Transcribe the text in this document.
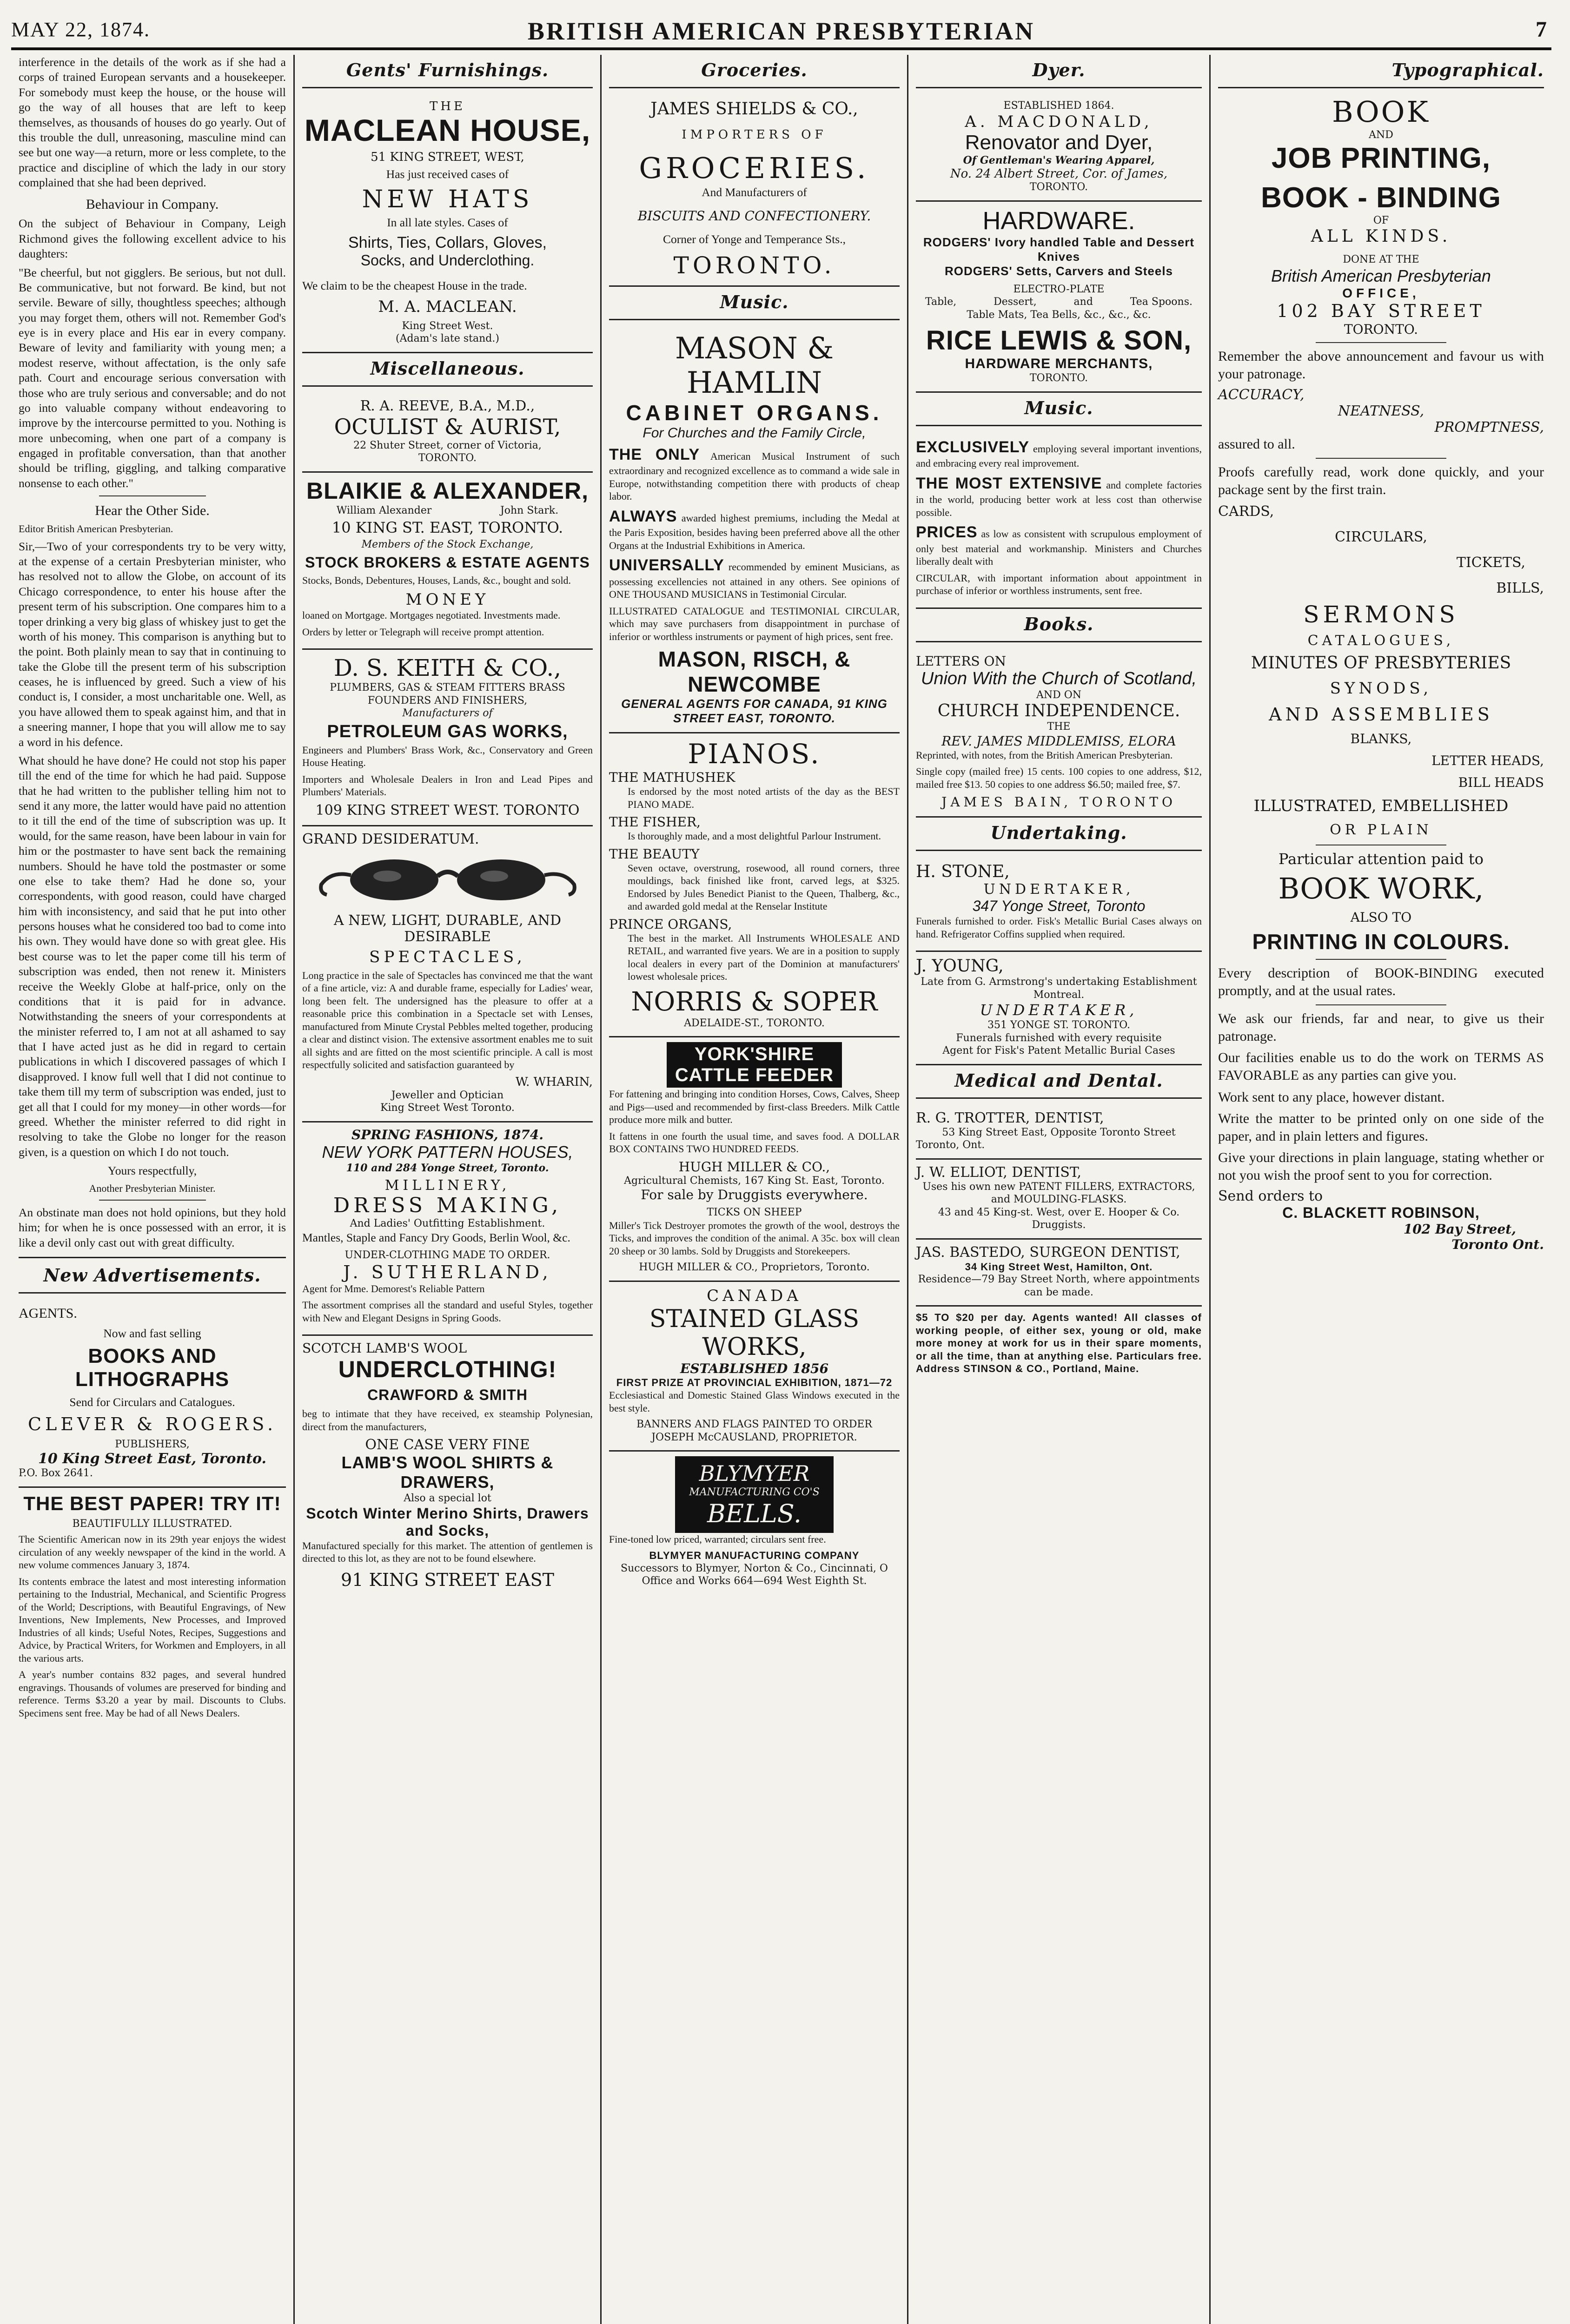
MAY 22, 1874.	BRITISH AMERICAN PRESBYTERIAN	7

interference in the details of the work as if she had a corps of trained European servants and a housekeeper. For somebody must keep the house, or the house will go the way of all houses that are left to keep themselves, as thousands of houses do go yearly. Out of this trouble the dull, unreasoning, masculine mind can see but one way—a return, more or less complete, to the practice and discipline of which the lady in our story complained that she had been deprived.

Behaviour in Company.

On the subject of Behaviour in Company, Leigh Richmond gives the following excellent advice to his daughters:

"Be cheerful, but not gigglers. Be serious, but not dull. Be communicative, but not forward. Be kind, but not servile. Beware of silly, thoughtless speeches; although you may forget them, others will not. Remember God's eye is in every place and His ear in every company. Beware of levity and familiarity with young men; a modest reserve, without affectation, is the only safe path. Court and encourage serious conversation with those who are truly serious and conversable; and do not go into valuable company without endeavoring to improve by the intercourse permitted to you. Nothing is more unbecoming, when one part of a company is engaged in profitable conversation, than that another should be trifling, giggling, and talking comparative nonsense to each other."

Hear the Other Side.

Editor British American Presbyterian.

Sir,—Two of your correspondents try to be very witty, at the expense of a certain Presbyterian minister, who has resolved not to allow the Globe, on account of its Chicago correspondence, to enter his house after the present term of his subscription. One compares him to a toper drinking a very big glass of whiskey just to get the worth of his money. This comparison is anything but to the point. Both plainly mean to say that in continuing to take the Globe till the present term of his subscription ceases, he is influenced by greed. Such a view of his conduct is, I consider, a most uncharitable one. Well, as you have allowed them to speak against him, and that in a sneering manner, I hope that you will allow me to say a word in his defence.

What should he have done? He could not stop his paper till the end of the time for which he had paid. Suppose that he had written to the publisher telling him not to send it any more, the latter would have paid no attention to it till the end of the time of subscription was up. It would, for the same reason, have been labour in vain for him or the postmaster to have sent back the remaining numbers. Should he have told the postmaster or some one else to take them? Had he done so, your correspondents, with good reason, could have charged him with inconsistency, and said that he put into other persons houses what he considered too bad to come into his own. They would have done so with great glee. His best course was to let the paper come till his term of subscription was ended, then not renew it. Ministers receive the Weekly Globe at half-price, only on the conditions that it is paid for in advance. Notwithstanding the sneers of your correspondents at the minister referred to, I am not at all ashamed to say that I have acted just as he did in regard to certain publications in which I discovered passages of which I disapproved. I know full well that I did not continue to take them till my term of subscription was ended, just to get all that I could for my money—in other words—for greed. Whether the minister referred to did right in resolving to take the Globe no longer for the reason given, is a question on which I do not touch.

Yours respectfully,

Another Presbyterian Minister.

An obstinate man does not hold opinions, but they hold him; for when he is once possessed with an error, it is like a devil only cast out with great difficulty.

New Advertisements.

AGENTS.

Now and fast selling

BOOKS AND LITHOGRAPHS

Send for Circulars and Catalogues.

CLEVER & ROGERS.

PUBLISHERS,

10 King Street East, Toronto.

P.O. Box 2641.

THE BEST PAPER! TRY IT!

BEAUTIFULLY ILLUSTRATED.

The Scientific American now in its 29th year enjoys the widest circulation of any weekly newspaper of the kind in the world. A new volume commences January 3, 1874.

Its contents embrace the latest and most interesting information pertaining to the Industrial, Mechanical, and Scientific Progress of the World; Descriptions, with Beautiful Engravings, of New Inventions, New Implements, New Processes, and Improved Industries of all kinds; Useful Notes, Recipes, Suggestions and Advice, by Practical Writers, for Workmen and Employers, in all the various arts.

A year's number contains 832 pages, and several hundred engravings. Thousands of volumes are preserved for binding and reference. Terms $3.20 a year by mail. Discounts to Clubs. Specimens sent free. May be had of all News Dealers.

Gents' Furnishings.

THE

MACLEAN HOUSE,

51 KING STREET, WEST,

Has just received cases of

NEW HATS

In all late styles. Cases of

Shirts, Ties, Collars, Gloves,

Socks, and Underclothing.

We claim to be the cheapest House in the trade.

M. A. MACLEAN.

King Street West.

(Adam's late stand.)

Miscellaneous.

R. A. REEVE, B.A., M.D.,

OCULIST & AURIST,

22 Shuter Street, corner of Victoria,

TORONTO.

BLAIKIE & ALEXANDER,

William Alexander	John Stark.

10 KING ST. EAST, TORONTO.

Members of the Stock Exchange,

STOCK BROKERS & ESTATE AGENTS

Stocks, Bonds, Debentures, Houses, Lands, &c., bought and sold.

MONEY

loaned on Mortgage. Mortgages negotiated. Investments made.

Orders by letter or Telegraph will receive prompt attention.

D. S. KEITH & CO.,

PLUMBERS, GAS & STEAM FITTERS BRASS

FOUNDERS AND FINISHERS,

Manufacturers of

PETROLEUM GAS WORKS,

Engineers and Plumbers' Brass Work, &c., Conservatory and Green House Heating.

Importers and Wholesale Dealers in Iron and Lead Pipes and Plumbers' Materials.

109 KING STREET WEST. TORONTO

GRAND DESIDERATUM.

A NEW, LIGHT, DURABLE, AND DESIRABLE

SPECTACLES,

Long practice in the sale of Spectacles has convinced me that the want of a fine article, viz: A and durable frame, especially for Ladies' wear, long been felt. The undersigned has the pleasure to offer at a reasonable price this combination in a Spectacle set with Lenses, manufactured from Minute Crystal Pebbles melted together, producing a clear and distinct vision. The extensive assortment enables me to suit all sights and are fitted on the most scientific principle. A call is most respectfully solicited and satisfaction guaranteed by

W. WHARIN,

Jeweller and Optician

King Street West Toronto.

SPRING FASHIONS, 1874.

NEW YORK PATTERN HOUSES,

110 and 284 Yonge Street, Toronto.

MILLINERY,

DRESS MAKING,

And Ladies' Outfitting Establishment.

Mantles, Staple and Fancy Dry Goods, Berlin Wool, &c.

UNDER-CLOTHING MADE TO ORDER.

J. SUTHERLAND,

Agent for Mme. Demorest's Reliable Pattern

The assortment comprises all the standard and useful Styles, together with New and Elegant Designs in Spring Goods.

SCOTCH LAMB'S WOOL

UNDERCLOTHING!

CRAWFORD & SMITH

beg to intimate that they have received, ex steamship Polynesian, direct from the manufacturers,

ONE CASE VERY FINE

LAMB'S WOOL SHIRTS & DRAWERS,

Also a special lot

Scotch Winter Merino Shirts, Drawers and Socks,

Manufactured specially for this market. The attention of gentlemen is directed to this lot, as they are not to be found elsewhere.

91 KING STREET EAST

Groceries.

JAMES SHIELDS & CO.,

IMPORTERS OF

GROCERIES.

And Manufacturers of

BISCUITS AND CONFECTIONERY.

Corner of Yonge and Temperance Sts.,

TORONTO.

Music.

MASON & HAMLIN

CABINET ORGANS.

For Churches and the Family Circle,

THE ONLY American Musical Instrument of such extraordinary and recognized excellence as to command a wide sale in Europe, notwithstanding competition there with products of cheap labor.

ALWAYS awarded highest premiums, including the Medal at the Paris Exposition, besides having been preferred above all the other Organs at the Industrial Exhibitions in America.

UNIVERSALLY recommended by eminent Musicians, as possessing excellencies not attained in any others. See opinions of ONE THOUSAND MUSICIANS in Testimonial Circular.

ILLUSTRATED CATALOGUE and TESTIMONIAL CIRCULAR, which may save purchasers from disappointment in purchase of inferior or worthless instruments or payment of high prices, sent free.

MASON, RISCH, & NEWCOMBE

GENERAL AGENTS FOR CANADA, 91 KING STREET EAST, TORONTO.

PIANOS.

THE MATHUSHEK

Is endorsed by the most noted artists of the day as the BEST PIANO MADE.

THE FISHER,

Is thoroughly made, and a most delightful Parlour Instrument.

THE BEAUTY

Seven octave, overstrung, rosewood, all round corners, three mouldings, back finished like front, carved legs, at $325. Endorsed by Jules Benedict Pianist to the Queen, Thalberg, &c., and awarded gold medal at the Renselar Institute

PRINCE ORGANS,

The best in the market. All Instruments WHOLESALE AND RETAIL, and warranted five years. We are in a position to supply local dealers in every part of the Dominion at manufacturers' lowest wholesale prices.

NORRIS & SOPER

ADELAIDE-ST., TORONTO.

YORK'SHIRE

CATTLE FEEDER

For fattening and bringing into condition Horses, Cows, Calves, Sheep and Pigs—used and recommended by first-class Breeders. Milk Cattle produce more milk and butter.

It fattens in one fourth the usual time, and saves food. A DOLLAR BOX CONTAINS TWO HUNDRED FEEDS.

HUGH MILLER & CO.,

Agricultural Chemists, 167 King St. East, Toronto.

For sale by Druggists everywhere.

TICKS ON SHEEP

Miller's Tick Destroyer promotes the growth of the wool, destroys the Ticks, and improves the condition of the animal. A 35c. box will clean 20 sheep or 30 lambs. Sold by Druggists and Storekeepers.

HUGH MILLER & CO., Proprietors, Toronto.

CANADA

STAINED GLASS WORKS,

ESTABLISHED 1856

FIRST PRIZE AT PROVINCIAL EXHIBITION, 1871—72

Ecclesiastical and Domestic Stained Glass Windows executed in the best style.

BANNERS AND FLAGS PAINTED TO ORDER

JOSEPH McCAUSLAND, PROPRIETOR.

BLYMYER

MANUFACTURING CO'S

BELLS.

Fine-toned low priced, warranted; circulars sent free.

BLYMYER MANUFACTURING COMPANY

Successors to Blymyer, Norton & Co., Cincinnati, O

Office and Works 664—694 West Eighth St.

Dyer.

ESTABLISHED 1864.

A. MACDONALD,

Renovator and Dyer,

Of Gentleman's Wearing Apparel,

No. 24 Albert Street, Cor. of James,

TORONTO.

HARDWARE.

RODGERS' Ivory handled Table and Dessert Knives

RODGERS' Setts, Carvers and Steels

ELECTRO-PLATE

Table,	Dessert,	and	Tea Spoons.

Table Mats, Tea Bells, &c., &c., &c.

RICE LEWIS & SON,

HARDWARE MERCHANTS,

TORONTO.

Music.

EXCLUSIVELY employing several important inventions, and embracing every real improvement.

THE MOST EXTENSIVE and complete factories in the world, producing better work at less cost than otherwise possible.

PRICES as low as consistent with scrupulous employment of only best material and workmanship. Ministers and Churches liberally dealt with

CIRCULAR, with important information about appointment in purchase of inferior or worthless instruments, sent free.

Books.

LETTERS ON

Union With the Church of Scotland,

AND ON

CHURCH INDEPENDENCE.

THE

REV. JAMES MIDDLEMISS, ELORA

Reprinted, with notes, from the British American Presbyterian.

Single copy (mailed free) 15 cents. 100 copies to one address, $12, mailed free $13. 50 copies to one address $6.50; mailed free, $7.

JAMES BAIN, TORONTO

Undertaking.

H. STONE,

UNDERTAKER,

347 Yonge Street, Toronto

Funerals furnished to order. Fisk's Metallic Burial Cases always on hand. Refrigerator Coffins supplied when required.

J. YOUNG,

Late from G. Armstrong's undertaking Establishment Montreal.

UNDERTAKER,

351 YONGE ST. TORONTO.

Funerals furnished with every requisite

Agent for Fisk's Patent Metallic Burial Cases

Medical and Dental.

R. G. TROTTER, DENTIST,

53 King Street East, Opposite Toronto Street

Toronto, Ont.

J. W. ELLIOT, DENTIST,

Uses his own new PATENT FILLERS, EXTRACTORS, and MOULDING-FLASKS.

43 and 45 King-st. West, over E. Hooper & Co. Druggists.

JAS. BASTEDO, SURGEON DENTIST,

34 King Street West, Hamilton, Ont.

Residence—79 Bay Street North, where appointments can be made.

$5 TO $20 per day. Agents wanted! All classes of working people, of either sex, young or old, make more money at work for us in their spare moments, or all the time, than at anything else. Particulars free. Address STINSON & CO., Portland, Maine.

Typographical.

BOOK

AND

JOB PRINTING,

BOOK - BINDING

OF

ALL KINDS.

DONE AT THE

British American Presbyterian

OFFICE,

102 BAY STREET

TORONTO.

Remember the above announcement and favour us with your patronage.

ACCURACY,

NEATNESS,

PROMPTNESS,

assured to all.

Proofs carefully read, work done quickly, and your package sent by the first train.

CARDS,

CIRCULARS,

TICKETS,

BILLS,

SERMONS

CATALOGUES,

MINUTES OF PRESBYTERIES

SYNODS,

AND ASSEMBLIES

BLANKS,

LETTER HEADS,

BILL HEADS

ILLUSTRATED, EMBELLISHED

OR PLAIN

Particular attention paid to

BOOK WORK,

ALSO TO

PRINTING IN COLOURS.

Every description of BOOK-BINDING executed promptly, and at the usual rates.

We ask our friends, far and near, to give us their patronage.

Our facilities enable us to do the work on TERMS AS FAVORABLE as any parties can give you.

Work sent to any place, however distant.

Write the matter to be printed only on one side of the paper, and in plain letters and figures.

Give your directions in plain language, stating whether or not you wish the proof sent to you for correction.

Send orders to

C. BLACKETT ROBINSON,

102 Bay Street,

Toronto Ont.
